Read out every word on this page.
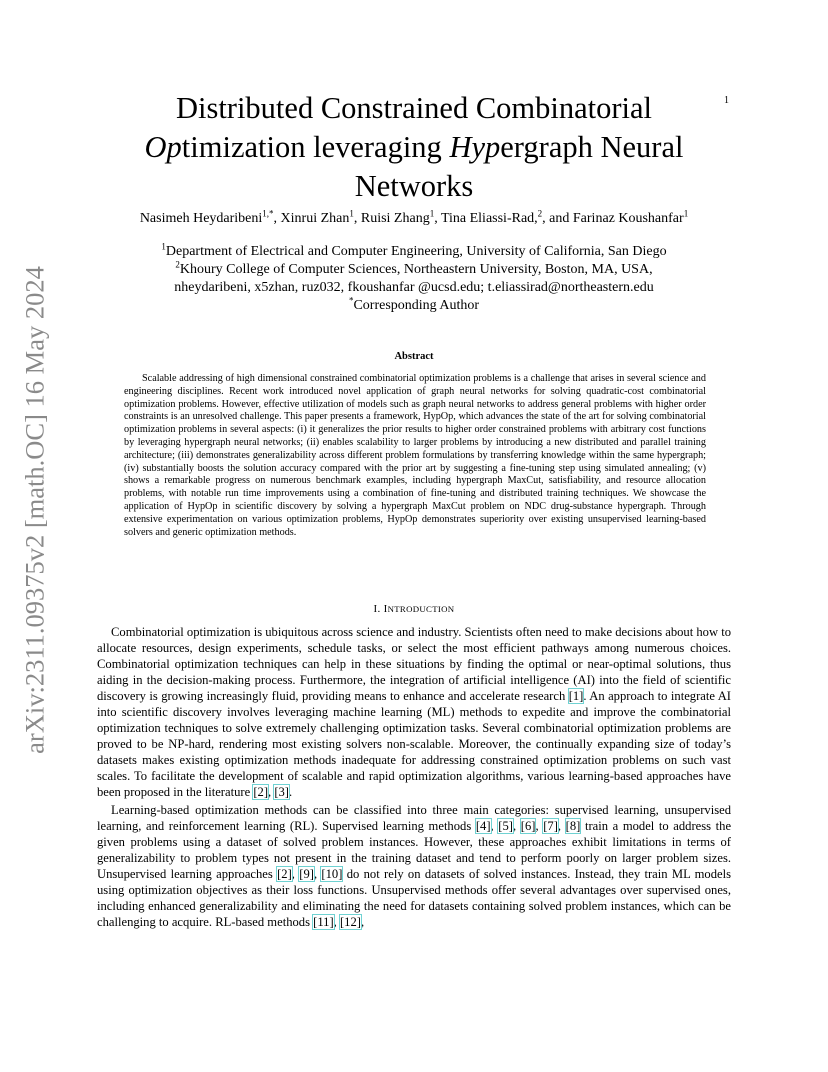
arXiv:2311.09375v2 [math.OC] 16 May 2024
1
Distributed Constrained Combinatorial
Optimization leveraging Hypergraph Neural Networks
Nasimeh Heydaribeni$^{1,*}$, Xinrui Zhan$^1$, Ruisi Zhang$^1$, Tina Eliassi-Rad,$^2$, and Farinaz Koushanfar$^1$
$^1$Department of Electrical and Computer Engineering, University of California, San Diego
$^2$Khoury College of Computer Sciences, Northeastern University, Boston, MA, USA,
nheydaribeni, x5zhan, ruz032, fkoushanfar @ucsd.edu; t.eliassirad@northeastern.edu
*Corresponding Author
Abstract
Scalable addressing of high dimensional constrained combinatorial optimization problems is a challenge that arises in several science and engineering disciplines. Recent work introduced novel application of graph neural networks for solving quadratic-cost combinatorial optimization problems. However, effective utilization of models such as graph neural networks to address general problems with higher order constraints is an unresolved challenge. This paper presents a framework, HypOp, which advances the state of the art for solving combinatorial optimization problems in several aspects: (i) it generalizes the prior results to higher order constrained problems with arbitrary cost functions by leveraging hypergraph neural networks; (ii) enables scalability to larger problems by introducing a new distributed and parallel training architecture; (iii) demonstrates generalizability across different problem formulations by transferring knowledge within the same hypergraph; (iv) substantially boosts the solution accuracy compared with the prior art by suggesting a fine-tuning step using simulated annealing; (v) shows a remarkable progress on numerous benchmark examples, including hypergraph MaxCut, satisfiability, and resource allocation problems, with notable run time improvements using a combination of fine-tuning and distributed training techniques. We showcase the application of HypOp in scientific discovery by solving a hypergraph MaxCut problem on NDC drug-substance hypergraph. Through extensive experimentation on various optimization problems, HypOp demonstrates superiority over existing unsupervised learning-based solvers and generic optimization methods.
I. INTRODUCTION

Combinatorial optimization is ubiquitous across science and industry. Scientists often need to make decisions about how to allocate resources, design experiments, schedule tasks, or select the most efficient pathways among numerous choices. Combinatorial optimization techniques can help in these situations by finding the optimal or near-optimal solutions, thus aiding in the decision-making process. Furthermore, the integration of artificial intelligence (AI) into the field of scientific discovery is growing increasingly fluid, providing means to enhance and accelerate research [1]. An approach to integrate AI into scientific discovery involves leveraging machine learning (ML) methods to expedite and improve the combinatorial optimization techniques to solve extremely challenging optimization tasks. Several combinatorial optimization problems are proved to be NP-hard, rendering most existing solvers non-scalable. Moreover, the continually expanding size of today’s datasets makes existing optimization methods inadequate for addressing constrained optimization problems on such vast scales. To facilitate the development of scalable and rapid optimization algorithms, various learning-based approaches have been proposed in the literature [2], [3].

Learning-based optimization methods can be classified into three main categories: supervised learning, unsupervised learning, and reinforcement learning (RL). Supervised learning methods [4], [5], [6], [7], [8] train a model to address the given problems using a dataset of solved problem instances. However, these approaches exhibit limitations in terms of generalizability to problem types not present in the training dataset and tend to perform poorly on larger problem sizes. Unsupervised learning approaches [2], [9], [10] do not rely on datasets of solved instances. Instead, they train ML models using optimization objectives as their loss functions. Unsupervised methods offer several advantages over supervised ones, including enhanced generalizability and eliminating the need for datasets containing solved problem instances, which can be challenging to acquire. RL-based methods [11], [12],
